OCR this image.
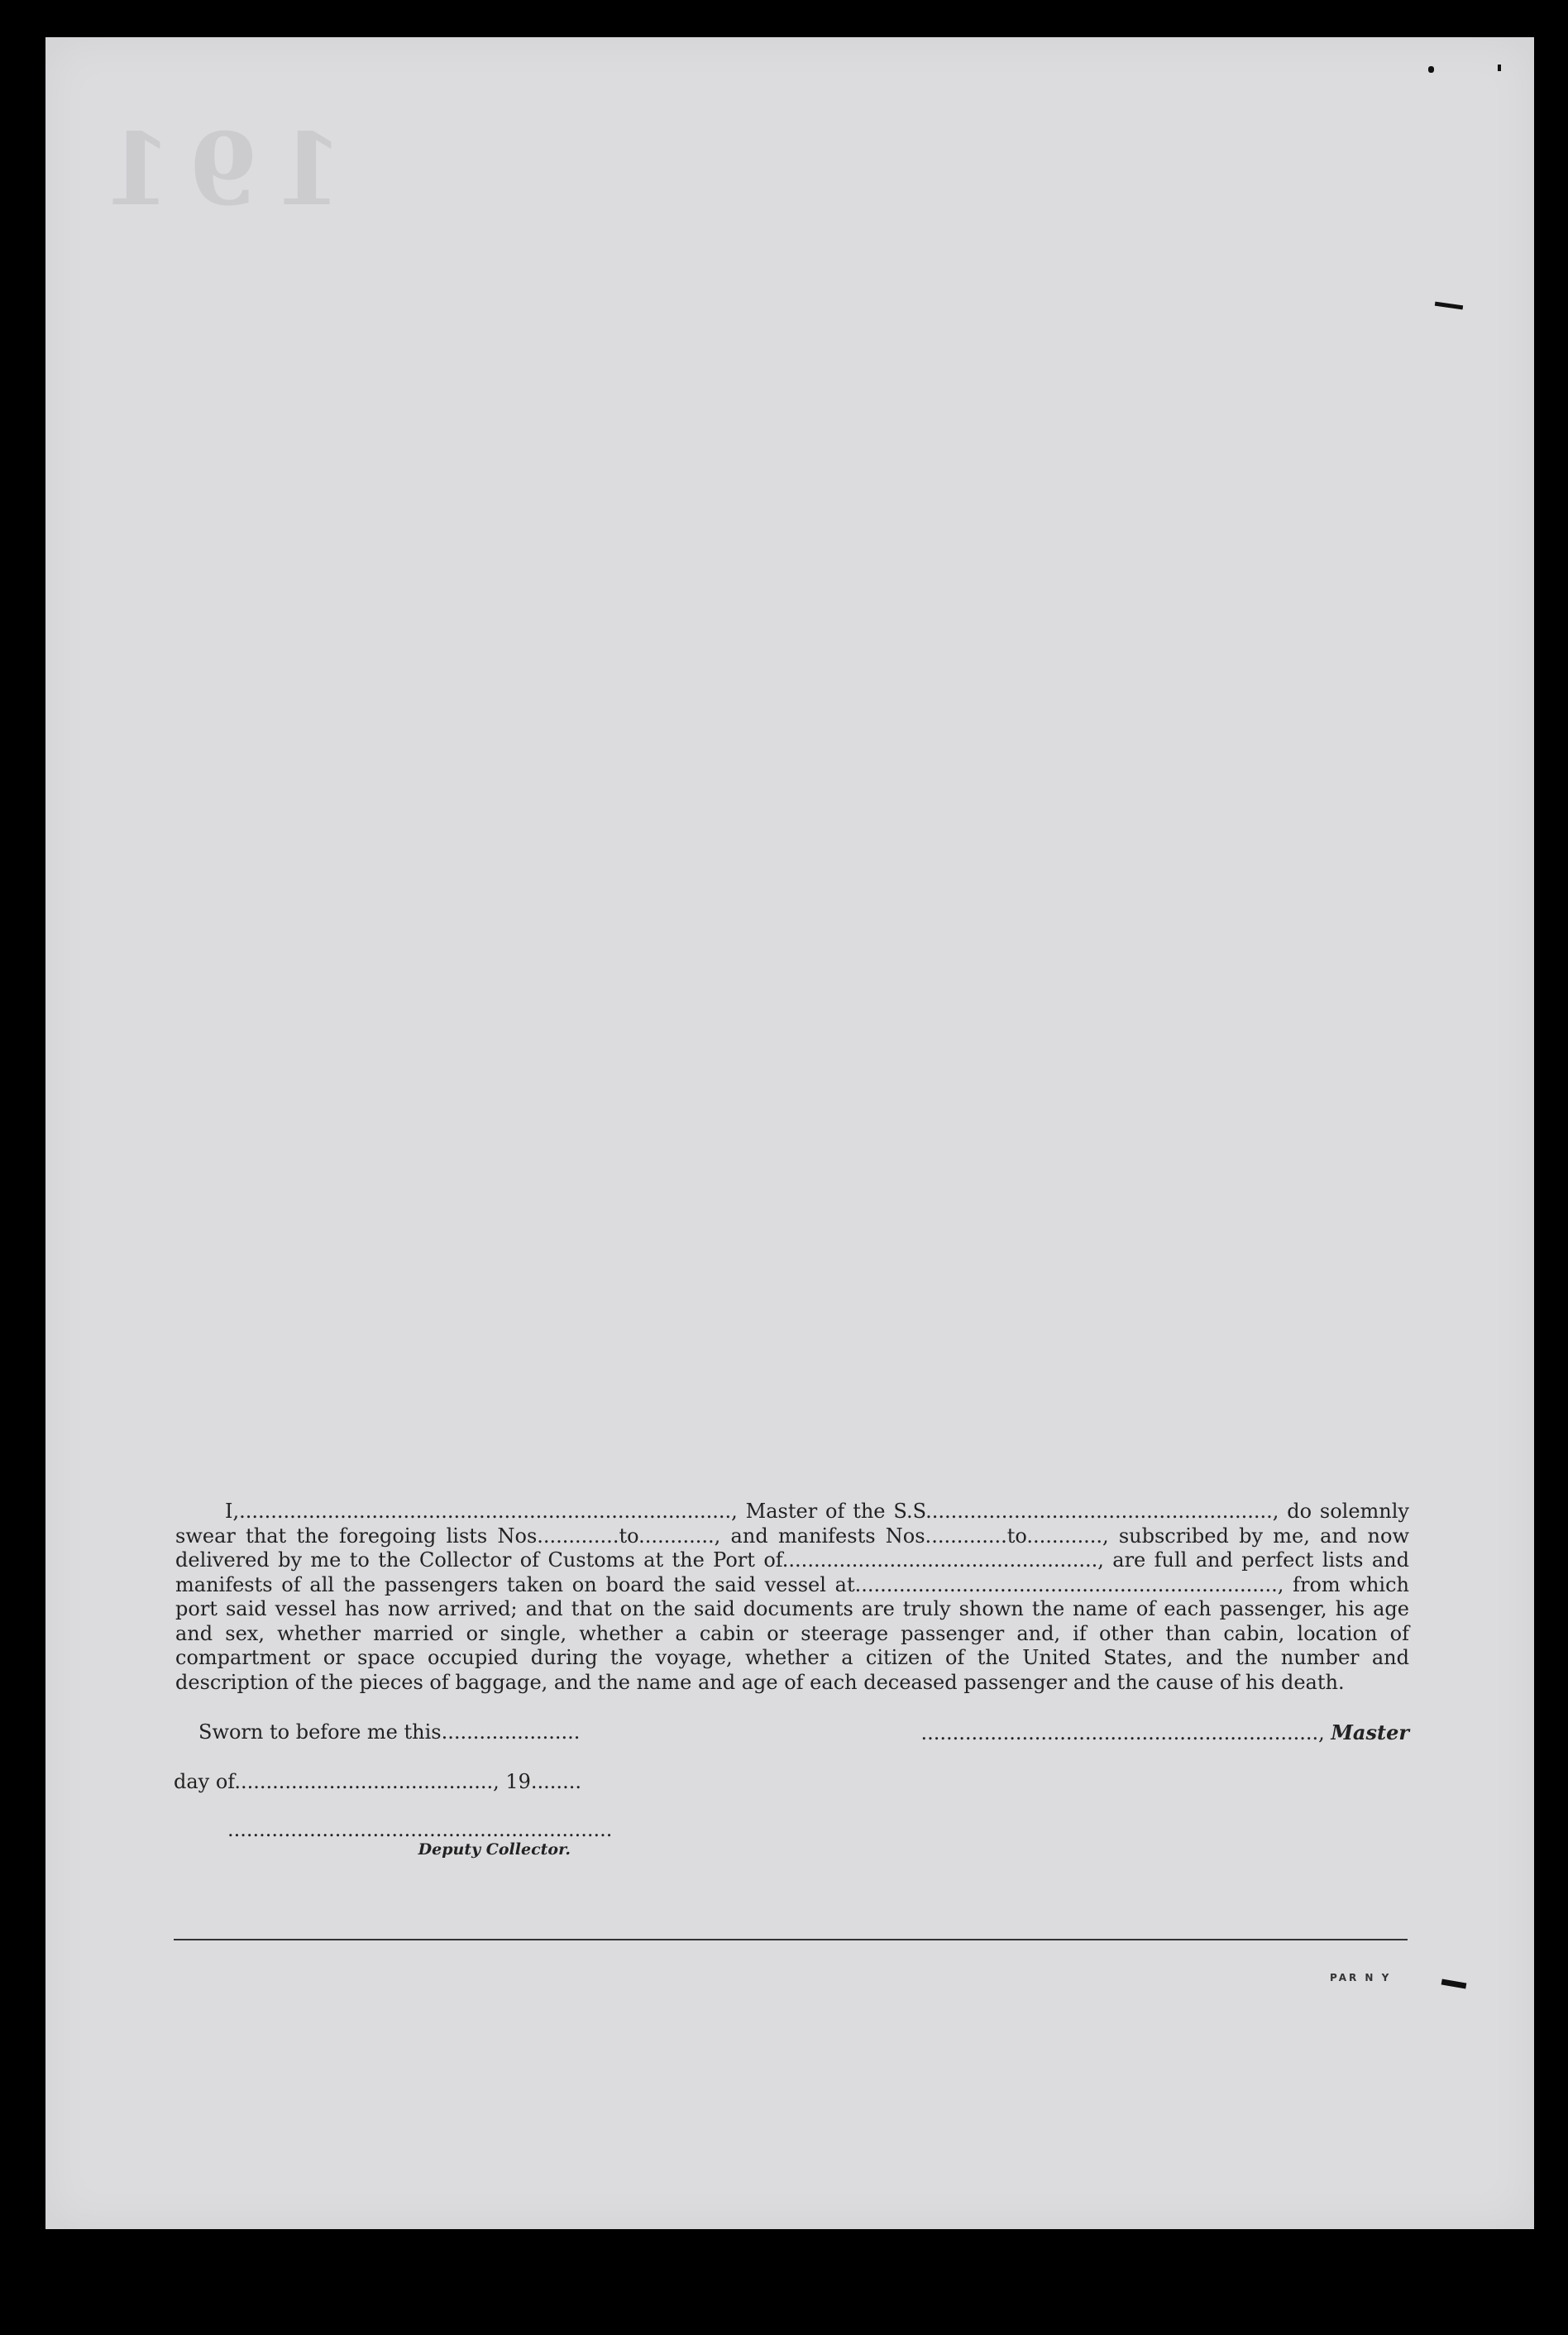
191

I,.............................................................................., Master of the S.S......................................................., do solemnly swear that the foregoing lists Nos.............to............, and manifests Nos.............to............, subscribed by me, and now delivered by me to the Collector of Customs at the Port of.................................................., are full and perfect lists and manifests of all the passengers taken on board the said vessel at..................................................................., from which port said vessel has now arrived; and that on the said documents are truly shown the name of each passenger, his age and sex, whether married or single, whether a cabin or steerage passenger and, if other than cabin, location of compartment or space occupied during the voyage, whether a citizen of the United States, and the number and description of the pieces of baggage, and the name and age of each deceased passenger and the cause of his death.

Sworn to before me this......................	..............................................................., Master
day of........................................., 19........
.............................................................
Deputy Collector.
PAR N Y
